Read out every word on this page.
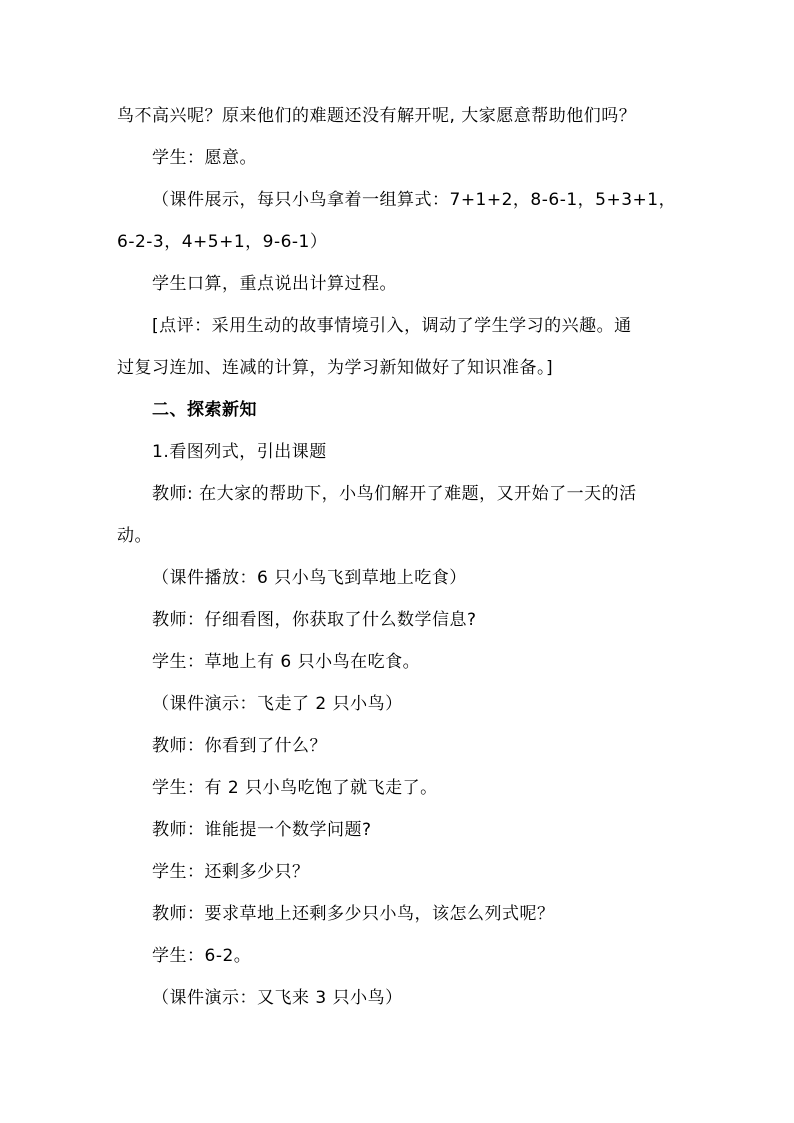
鸟不高兴呢？原来他们的难题还没有解开呢, 大家愿意帮助他们吗？
学生：愿意。
（课件展示，每只小鸟拿着一组算式：7+1+2，8-6-1，5+3+1，
6-2-3，4+5+1，9-6-1）
学生口算，重点说出计算过程。
[点评：采用生动的故事情境引入，调动了学生学习的兴趣。通
过复习连加、连减的计算，为学习新知做好了知识准备。]
二、探索新知
1.看图列式，引出课题
教师: 在大家的帮助下，小鸟们解开了难题，又开始了一天的活
动。
（课件播放：6 只小鸟飞到草地上吃食）
教师：仔细看图，你获取了什么数学信息?
学生：草地上有 6 只小鸟在吃食。
（课件演示：飞走了 2 只小鸟）
教师：你看到了什么？
学生：有 2 只小鸟吃饱了就飞走了。
教师：谁能提一个数学问题?
学生：还剩多少只？
教师：要求草地上还剩多少只小鸟，该怎么列式呢？
学生：6-2。
（课件演示：又飞来 3 只小鸟）
